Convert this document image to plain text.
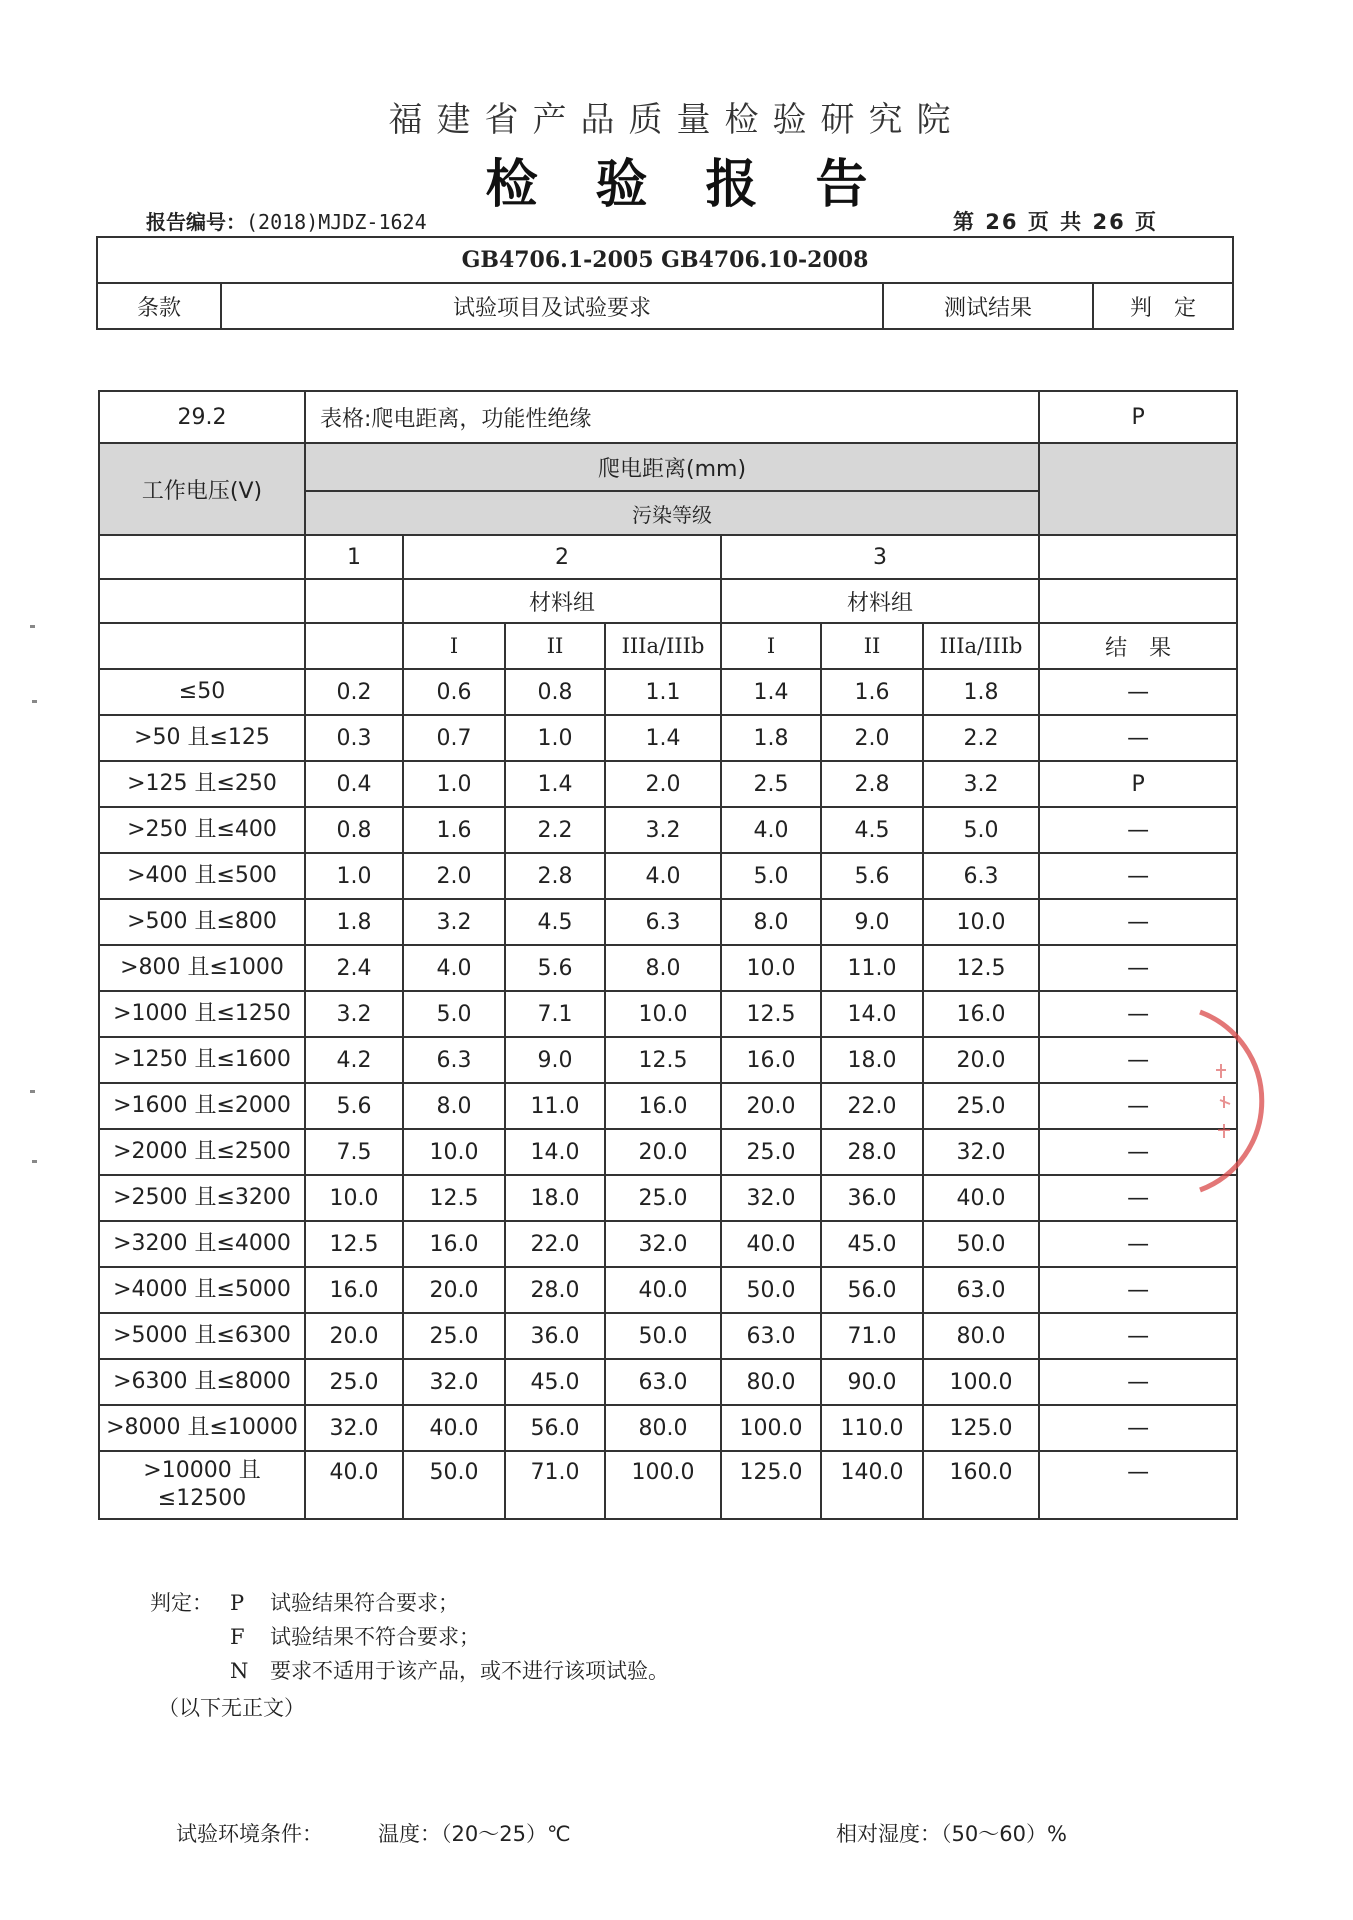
福建省产品质量检验研究院
检验报告
报告编号：(2018)MJDZ-1624	第 26 页 共 26 页
GB4706.1-2005 GB4706.10-2008
条款	试验项目及试验要求	测试结果	判　定
29.2	表格:爬电距离，功能性绝缘							P
工作电压(V)	爬电距离(mm)							
	污染等级							
	1	2			3			
		材料组			材料组			
		I	II	IIIa/IIIb	I	II	IIIa/IIIb	结　果
≤50	0.2	0.6	0.8	1.1	1.4	1.6	1.8	—
>50 且≤125	0.3	0.7	1.0	1.4	1.8	2.0	2.2	—
>125 且≤250	0.4	1.0	1.4	2.0	2.5	2.8	3.2	P
>250 且≤400	0.8	1.6	2.2	3.2	4.0	4.5	5.0	—
>400 且≤500	1.0	2.0	2.8	4.0	5.0	5.6	6.3	—
>500 且≤800	1.8	3.2	4.5	6.3	8.0	9.0	10.0	—
>800 且≤1000	2.4	4.0	5.6	8.0	10.0	11.0	12.5	—
>1000 且≤1250	3.2	5.0	7.1	10.0	12.5	14.0	16.0	—
>1250 且≤1600	4.2	6.3	9.0	12.5	16.0	18.0	20.0	—
>1600 且≤2000	5.6	8.0	11.0	16.0	20.0	22.0	25.0	—
>2000 且≤2500	7.5	10.0	14.0	20.0	25.0	28.0	32.0	—
>2500 且≤3200	10.0	12.5	18.0	25.0	32.0	36.0	40.0	—
>3200 且≤4000	12.5	16.0	22.0	32.0	40.0	45.0	50.0	—
>4000 且≤5000	16.0	20.0	28.0	40.0	50.0	56.0	63.0	—
>5000 且≤6300	20.0	25.0	36.0	50.0	63.0	71.0	80.0	—
>6300 且≤8000	25.0	32.0	45.0	63.0	80.0	90.0	100.0	—
>8000 且≤10000	32.0	40.0	56.0	80.0	100.0	110.0	125.0	—
>10000 且
≤12500	40.0	50.0	71.0	100.0	125.0	140.0	160.0	—
判定： P	试验结果符合要求；
F	试验结果不符合要求；
N	要求不适用于该产品，或不进行该项试验。
（以下无正文）
试验环境条件：	温度：（20～25）℃	相对湿度：（50～60）%
